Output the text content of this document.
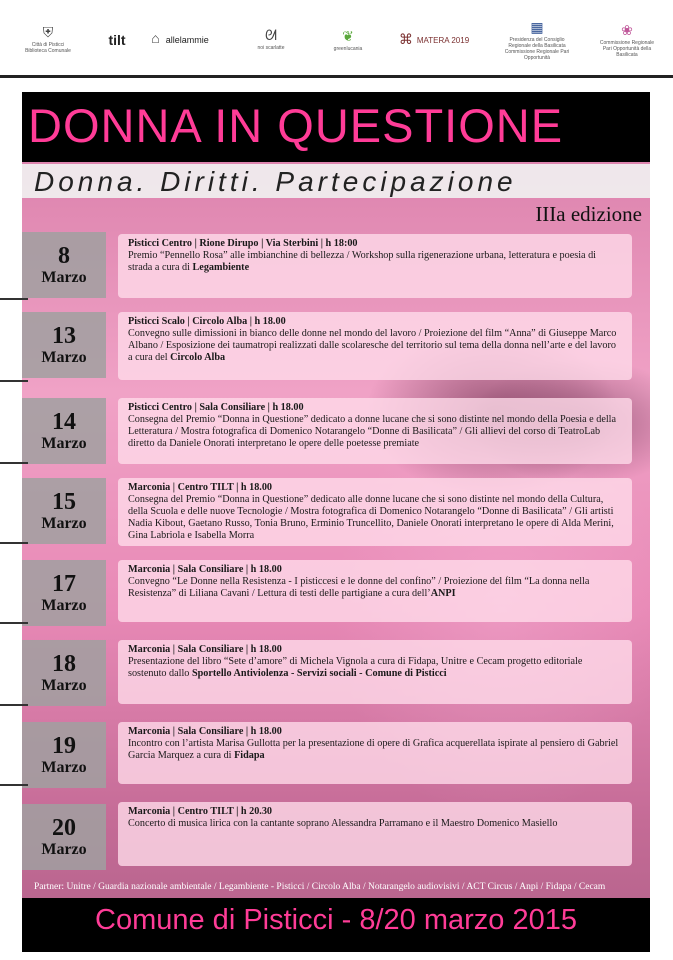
⛨
Città di Pisticci Biblioteca Comunale
tilt ⌂ allelammie	ᘛ
noi scarlatte
❦
greenlucania
⌘ MATERA 2019
▦
Presidenza del Consiglio Regionale della Basilicata
Commissione Regionale Pari Opportunità
❀
Commissione Regionale Pari Opportunità della Basilicata
DONNA IN QUESTIONE
Donna. Diritti. Partecipazione
IIIa edizione
8
Marzo
Pisticci Centro | Rione Dirupo | Via Sterbini | h 18:00
Premio “Pennello Rosa” alle imbianchine di bellezza / Workshop sulla rigenerazione urbana, letteratura e poesia di strada a cura di Legambiente
13
Marzo
Pisticci Scalo | Circolo Alba | h 18.00
Convegno sulle dimissioni in bianco delle donne nel mondo del lavoro / Proiezione del film “Anna” di Giuseppe Marco Albano / Esposizione dei taumatropi realizzati dalle scolaresche del territorio sul tema della donna nell’arte e del lavoro a cura del Circolo Alba
14
Marzo
Pisticci Centro | Sala Consiliare | h 18.00
Consegna del Premio “Donna in Questione” dedicato a donne lucane che si sono distinte nel mondo della Poesia e della Letteratura / Mostra fotografica di Domenico Notarangelo “Donne di Basilicata” / Gli allievi del corso di TeatroLab diretto da Daniele Onorati interpretano le opere delle poetesse premiate
15
Marzo
Marconia | Centro TILT | h 18.00
Consegna del Premio “Donna in Questione” dedicato alle donne lucane che si sono distinte nel mondo della Cultura, della Scuola e delle nuove Tecnologie / Mostra fotografica di Domenico Notarangelo “Donne di Basilicata” / Gli artisti Nadia Kibout, Gaetano Russo, Tonia Bruno, Erminio Truncellito, Daniele Onorati interpretano le opere di Alda Merini, Gina Labriola e Isabella Morra
17
Marzo
Marconia | Sala Consiliare | h 18.00
Convegno “Le Donne nella Resistenza - I pisticcesi e le donne del confino” / Proiezione del film “La donna nella Resistenza” di Liliana Cavani / Lettura di testi delle partigiane a cura dell’ANPI
18
Marzo
Marconia | Sala Consiliare | h 18.00
Presentazione del libro “Sete d’amore” di Michela Vignola a cura di Fidapa, Unitre e Cecam progetto editoriale sostenuto dallo Sportello Antiviolenza - Servizi sociali - Comune di Pisticci
19
Marzo
Marconia | Sala Consiliare | h 18.00
Incontro con l’artista Marisa Gullotta per la presentazione di opere di Grafica acquerellata ispirate al pensiero di Gabriel Garcia Marquez a cura di Fidapa
20
Marzo
Marconia | Centro TILT | h 20.30
Concerto di musica lirica con la cantante soprano Alessandra Parramano e il Maestro Domenico Masiello
Partner: Unitre / Guardia nazionale ambientale / Legambiente - Pisticci / Circolo Alba / Notarangelo audiovisivi / ACT Circus / Anpi / Fidapa / Cecam
Comune di Pisticci - 8/20 marzo 2015
